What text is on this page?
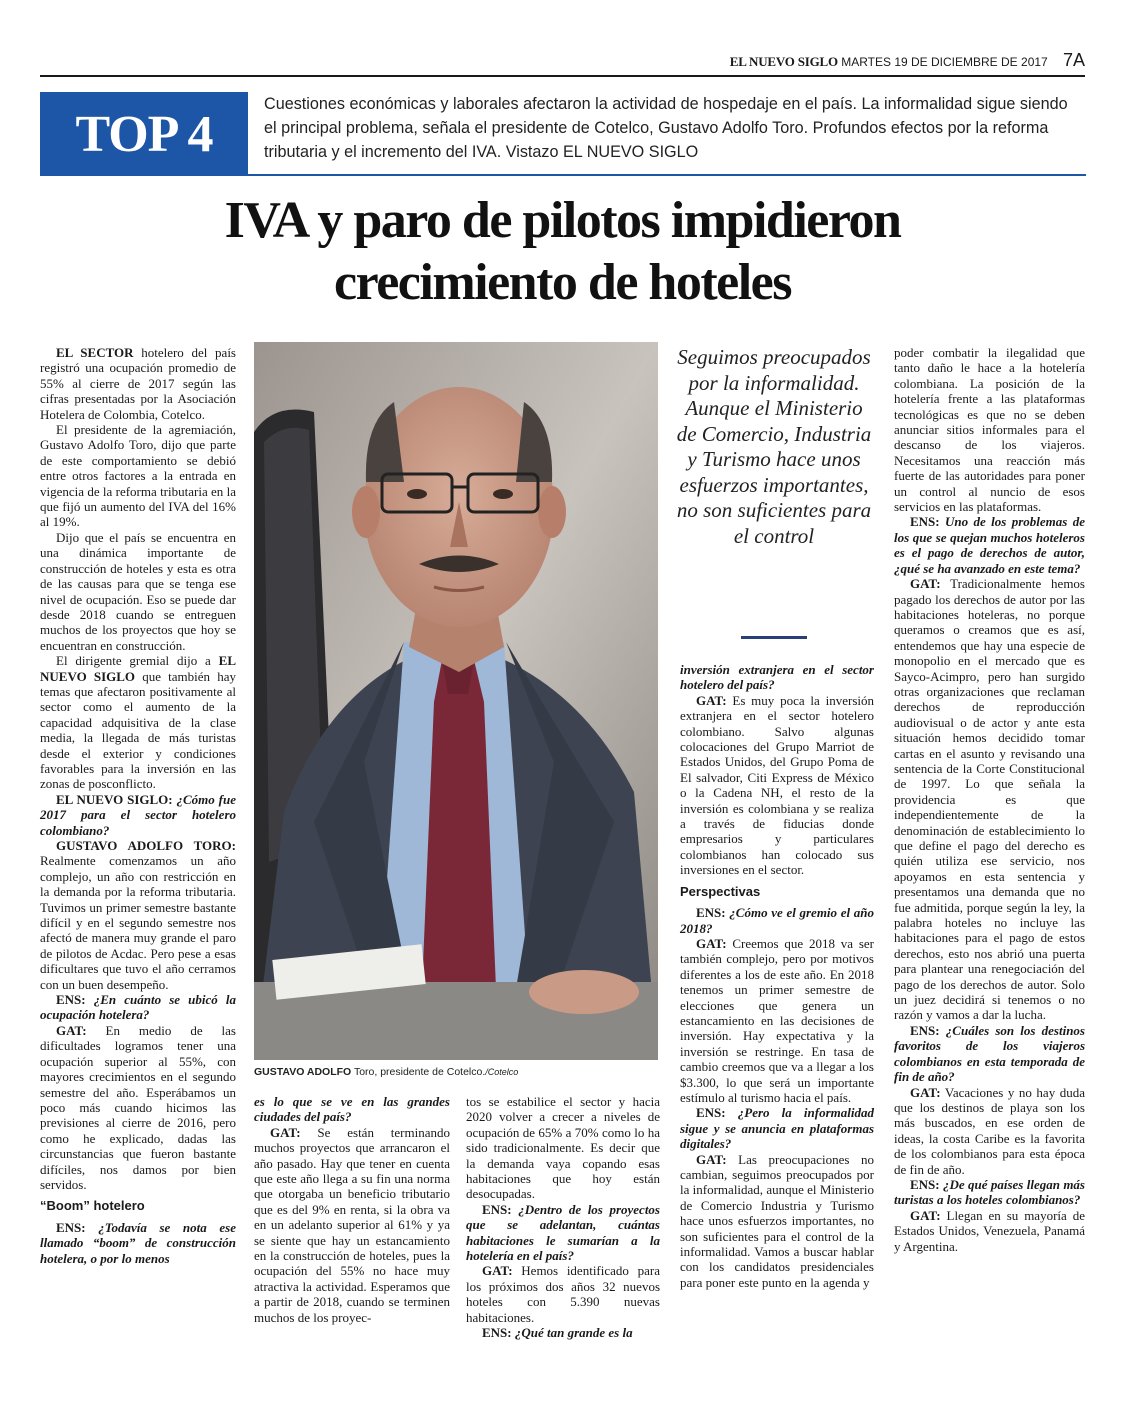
EL NUEVO SIGLO MARTES 19 DE DICIEMBRE DE 2017 7A
TOP 4
Cuestiones económicas y laborales afectaron la actividad de hospedaje en el país. La informalidad sigue siendo el principal problema, señala el presidente de Cotelco, Gustavo Adolfo Toro. Profundos efectos por la reforma tributaria y el incremento del IVA. Vistazo EL NUEVO SIGLO
IVA y paro de pilotos impidieron
crecimiento de hoteles

EL SECTOR hotelero del país registró una ocupación promedio de 55% al cierre de 2017 según las cifras presentadas por la Asociación Hotelera de Colombia, Cotelco.

El presidente de la agremiación, Gustavo Adolfo Toro, dijo que parte de este comportamiento se debió entre otros factores a la entrada en vigencia de la reforma tributaria en la que fijó un aumento del IVA del 16% al 19%.

Dijo que el país se encuentra en una dinámica importante de construcción de hoteles y esta es otra de las causas para que se tenga ese nivel de ocupación. Eso se puede dar desde 2018 cuando se entreguen muchos de los proyectos que hoy se encuentran en construcción.

El dirigente gremial dijo a EL NUEVO SIGLO que también hay temas que afectaron positivamente al sector como el aumento de la capacidad adquisitiva de la clase media, la llegada de más turistas desde el exterior y condiciones favorables para la inversión en las zonas de posconflicto.

EL NUEVO SIGLO: ¿Cómo fue 2017 para el sector hotelero colombiano?

GUSTAVO ADOLFO TORO: Realmente comenzamos un año complejo, un año con restricción en la demanda por la reforma tributaria. Tuvimos un primer semestre bastante difícil y en el segundo semestre nos afectó de manera muy grande el paro de pilotos de Acdac. Pero pese a esas dificultares que tuvo el año cerramos con un buen desempeño.

ENS: ¿En cuánto se ubicó la ocupación hotelera?

GAT: En medio de las dificultades logramos tener una ocupación superior al 55%, con mayores crecimientos en el segundo semestre del año. Esperábamos un poco más cuando hicimos las previsiones al cierre de 2016, pero como he explicado, dadas las circunstancias que fueron bastante difíciles, nos damos por bien servidos.

“Boom” hotelero

ENS: ¿Todavía se nota ese llamado “boom” de construcción hotelera, o por lo menos

GUSTAVO ADOLFO Toro, presidente de Cotelco./Cotelco

es lo que se ve en las grandes ciudades del país?

GAT: Se están terminando muchos proyectos que arrancaron el año pasado. Hay que tener en cuenta que este año llega a su fin una norma que otorgaba un beneficio tributario que es del 9% en renta, si la obra va en un adelanto superior al 61% y ya se siente que hay un estancamiento en la construcción de hoteles, pues la ocupación del 55% no hace muy atractiva la actividad. Esperamos que a partir de 2018, cuando se terminen muchos de los proyec-

tos se estabilice el sector y hacia 2020 volver a crecer a niveles de ocupación de 65% a 70% como lo ha sido tradicionalmente. Es decir que la demanda vaya copando esas habitaciones que hoy están desocupadas.

ENS: ¿Dentro de los proyectos que se adelantan, cuántas habitaciones le sumarían a la hotelería en el país?

GAT: Hemos identificado para los próximos dos años 32 nuevos hoteles con 5.390 nuevas habitaciones.

ENS: ¿Qué tan grande es la

Seguimos preocupados por la informalidad. Aunque el Ministerio de Comercio, Industria y Turismo hace unos esfuerzos importantes, no son suficientes para el control

inversión extranjera en el sector hotelero del país?

GAT: Es muy poca la inversión extranjera en el sector hotelero colombiano. Salvo algunas colocaciones del Grupo Marriot de Estados Unidos, del Grupo Poma de El salvador, Citi Express de México o la Cadena NH, el resto de la inversión es colombiana y se realiza a través de fiducias donde empresarios y particulares colombianos han colocado sus inversiones en el sector.

Perspectivas

ENS: ¿Cómo ve el gremio el año 2018?

GAT: Creemos que 2018 va ser también complejo, pero por motivos diferentes a los de este año. En 2018 tenemos un primer semestre de elecciones que genera un estancamiento en las decisiones de inversión. Hay expectativa y la inversión se restringe. En tasa de cambio creemos que va a llegar a los $3.300, lo que será un importante estímulo al turismo hacia el país.

ENS: ¿Pero la informalidad sigue y se anuncia en plataformas digitales?

GAT: Las preocupaciones no cambian, seguimos preocupados por la informalidad, aunque el Ministerio de Comercio Industria y Turismo hace unos esfuerzos importantes, no son suficientes para el control de la informalidad. Vamos a buscar hablar con los candidatos presidenciales para poner este punto en la agenda y

poder combatir la ilegalidad que tanto daño le hace a la hotelería colombiana. La posición de la hotelería frente a las plataformas tecnológicas es que no se deben anunciar sitios informales para el descanso de los viajeros. Necesitamos una reacción más fuerte de las autoridades para poner un control al nuncio de esos servicios en las plataformas.

ENS: Uno de los problemas de los que se quejan muchos hoteleros es el pago de derechos de autor, ¿qué se ha avanzado en este tema?

GAT: Tradicionalmente hemos pagado los derechos de autor por las habitaciones hoteleras, no porque queramos o creamos que es así, entendemos que hay una especie de monopolio en el mercado que es Sayco-Acimpro, pero han surgido otras organizaciones que reclaman derechos de reproducción audiovisual o de actor y ante esta situación hemos decidido tomar cartas en el asunto y revisando una sentencia de la Corte Constitucional de 1997. Lo que señala la providencia es que independientemente de la denominación de establecimiento lo que define el pago del derecho es quién utiliza ese servicio, nos apoyamos en esta sentencia y presentamos una demanda que no fue admitida, porque según la ley, la palabra hoteles no incluye las habitaciones para el pago de estos derechos, esto nos abrió una puerta para plantear una renegociación del pago de los derechos de autor. Solo un juez decidirá si tenemos o no razón y vamos a dar la lucha.

ENS: ¿Cuáles son los destinos favoritos de los viajeros colombianos en esta temporada de fin de año?

GAT: Vacaciones y no hay duda que los destinos de playa son los más buscados, en ese orden de ideas, la costa Caribe es la favorita de los colombianos para esta época de fin de año.

ENS: ¿De qué países llegan más turistas a los hoteles colombianos?

GAT: Llegan en su mayoría de Estados Unidos, Venezuela, Panamá y Argentina.
